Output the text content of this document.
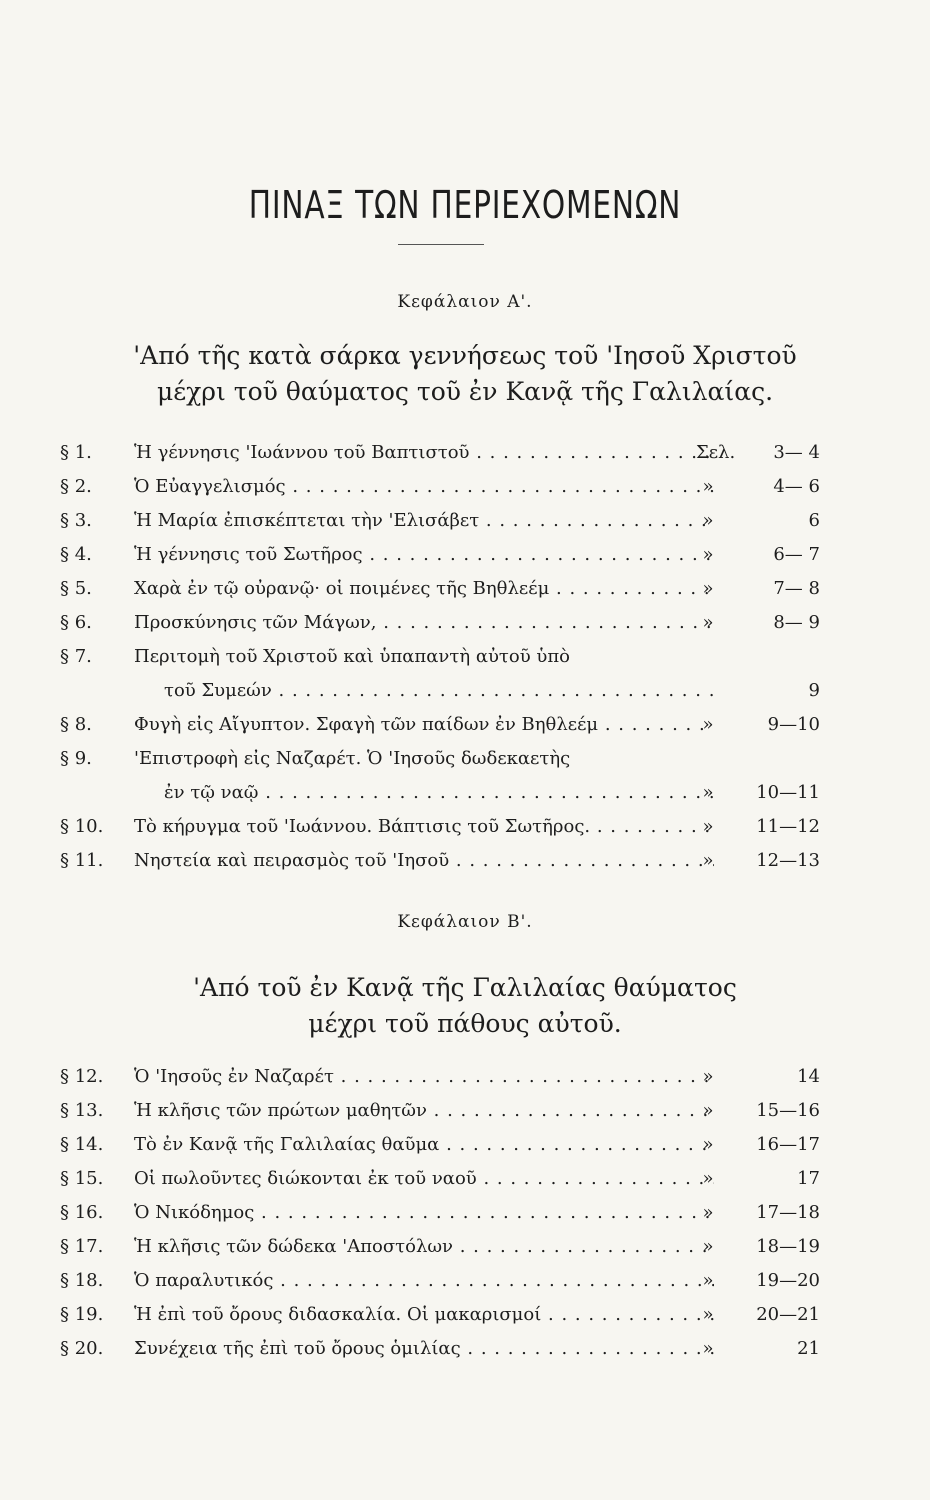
ΠΙΝΑΞ ΤΩΝ ΠΕΡΙΕΧΟΜΕΝΩΝ
Κεφάλαιον Α'.
'Από τῆς κατὰ σάρκα γεννήσεως τοῦ 'Ιησοῦ Χριστοῦ
μέχρι τοῦ θαύματος τοῦ ἐν Κανᾷ τῆς Γαλιλαίας.
§ 1.	Ἡ γέννησις 'Ιωάννου τοῦ Βαπτιστοῦ . . .	Σελ.	3— 4
§ 2.	Ὁ Εὐαγγελισμός . . .	»	4— 6
§ 3.	Ἡ Μαρία ἐπισκέπτεται τὴν 'Ελισάβετ . . .	»	6
§ 4.	Ἡ γέννησις τοῦ Σωτῆρος . . .	»	6— 7
§ 5.	Χαρὰ ἐν τῷ οὐρανῷ· οἱ ποιμένες τῆς Βηθλεέμ . . .	»	7— 8
§ 6.	Προσκύνησις τῶν Μάγων, . . .	»	8— 9
§ 7.	Περιτομὴ τοῦ Χριστοῦ καὶ ὑπαπαντὴ αὐτοῦ ὑπὸ
τοῦ Συμεών . . .	9
§ 8.	Φυγὴ εἰς Αἴγυπτον. Σφαγὴ τῶν παίδων ἐν Βηθλεέμ . . .	»	9—10
§ 9.	'Επιστροφὴ εἰς Ναζαρέτ. Ὁ 'Ιησοῦς δωδεκαετὴς
ἐν τῷ ναῷ . . .	»	10—11
§ 10.	Τὸ κήρυγμα τοῦ 'Ιωάννου. Βάπτισις τοῦ Σωτῆρος. . . .	»	11—12
§ 11.	Νηστεία καὶ πειρασμὸς τοῦ 'Ιησοῦ . . .	»	12—13
Κεφάλαιον Β'.
'Από τοῦ ἐν Κανᾷ τῆς Γαλιλαίας θαύματος
μέχρι τοῦ πάθους αὐτοῦ.
§ 12.	Ὁ 'Ιησοῦς ἐν Ναζαρέτ . . .	»	14
§ 13.	Ἡ κλῆσις τῶν πρώτων μαθητῶν . . .	»	15—16
§ 14.	Τὸ ἐν Κανᾷ τῆς Γαλιλαίας θαῦμα . . .	»	16—17
§ 15.	Οἱ πωλοῦντες διώκονται ἐκ τοῦ ναοῦ . . .	»	17
§ 16.	Ὁ Νικόδημος . . .	»	17—18
§ 17.	Ἡ κλῆσις τῶν δώδεκα 'Αποστόλων . . .	»	18—19
§ 18.	Ὁ παραλυτικός . . .	»	19—20
§ 19.	Ἡ ἐπὶ τοῦ ὄρους διδασκαλία. Οἱ μακαρισμοί . . .	»	20—21
§ 20.	Συνέχεια τῆς ἐπὶ τοῦ ὄρους ὁμιλίας . . .	»	21
